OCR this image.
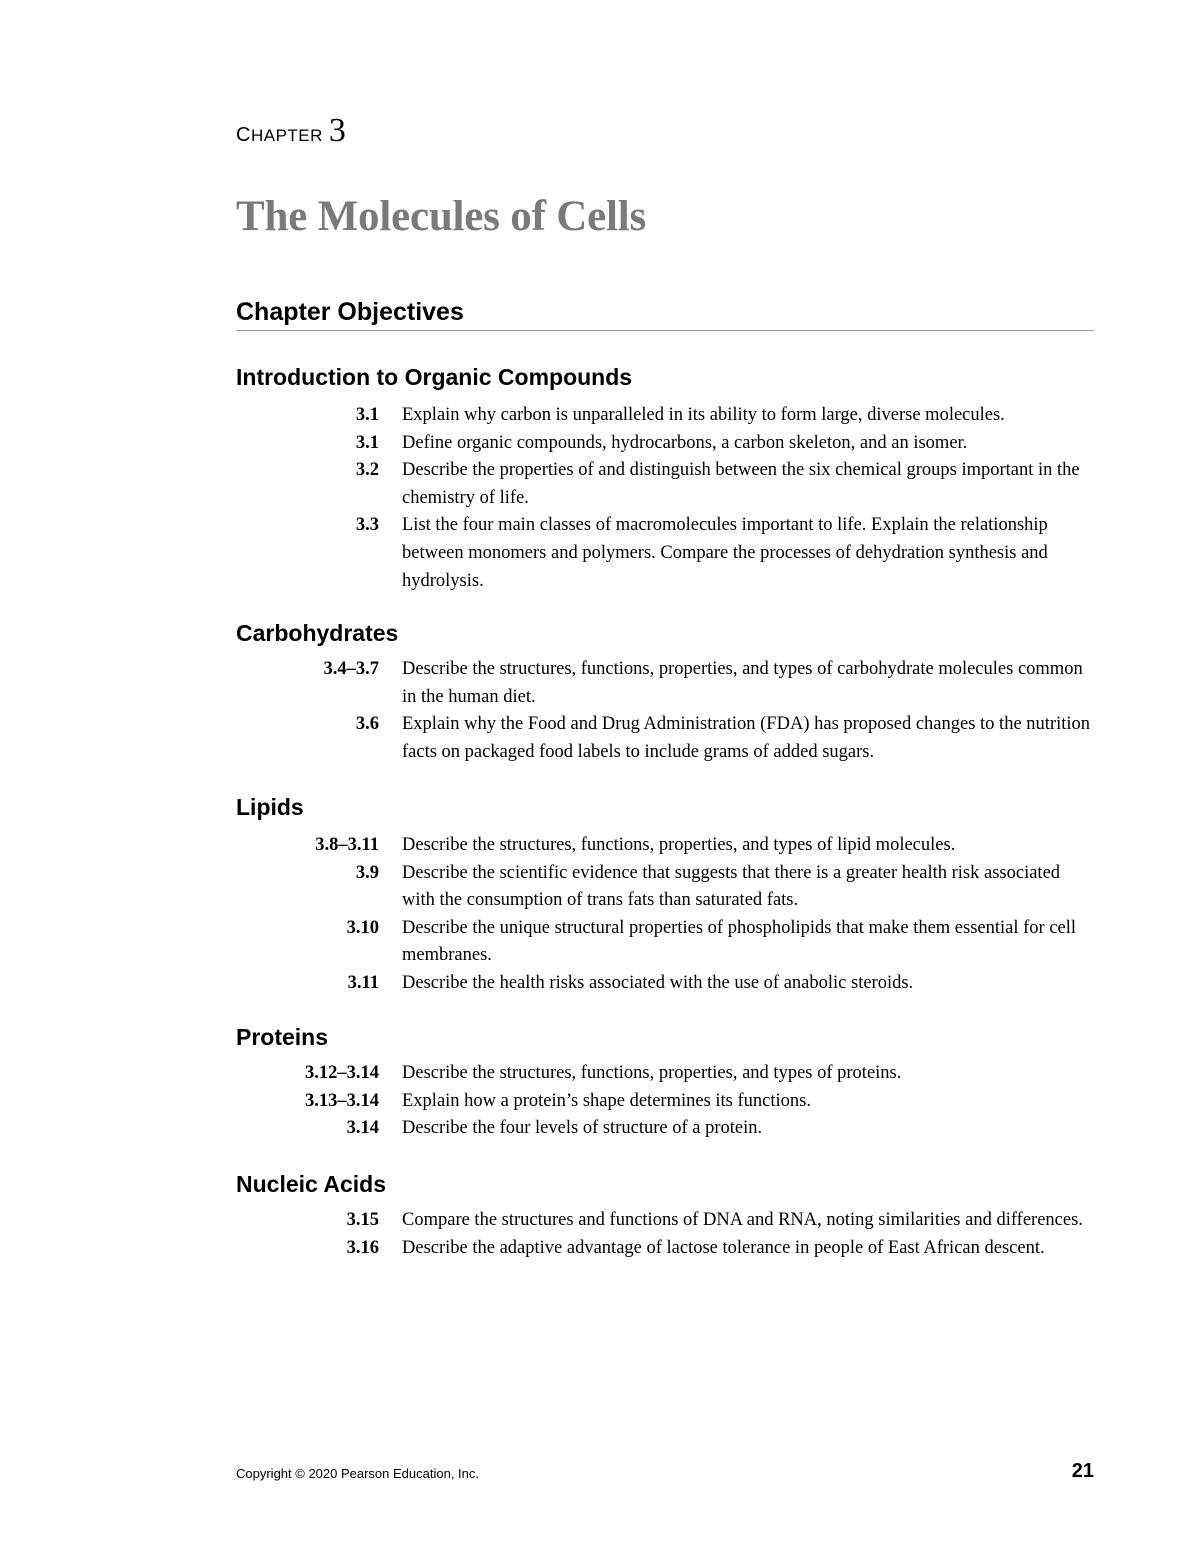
CHAPTER 3
The Molecules of Cells
Chapter Objectives
Introduction to Organic Compounds
3.1 Explain why carbon is unparalleled in its ability to form large, diverse molecules.
3.1 Define organic compounds, hydrocarbons, a carbon skeleton, and an isomer.
3.2 Describe the properties of and distinguish between the six chemical groups important in the chemistry of life.
3.3 List the four main classes of macromolecules important to life. Explain the relationship between monomers and polymers. Compare the processes of dehydration synthesis and hydrolysis.
Carbohydrates
3.4–3.7 Describe the structures, functions, properties, and types of carbohydrate molecules common in the human diet.
3.6 Explain why the Food and Drug Administration (FDA) has proposed changes to the nutrition facts on packaged food labels to include grams of added sugars.
Lipids
3.8–3.11 Describe the structures, functions, properties, and types of lipid molecules.
3.9 Describe the scientific evidence that suggests that there is a greater health risk associated with the consumption of trans fats than saturated fats.
3.10 Describe the unique structural properties of phospholipids that make them essential for cell membranes.
3.11 Describe the health risks associated with the use of anabolic steroids.
Proteins
3.12–3.14 Describe the structures, functions, properties, and types of proteins.
3.13–3.14 Explain how a protein’s shape determines its functions.
3.14 Describe the four levels of structure of a protein.
Nucleic Acids
3.15 Compare the structures and functions of DNA and RNA, noting similarities and differences.
3.16 Describe the adaptive advantage of lactose tolerance in people of East African descent.
Copyright © 2020 Pearson Education, Inc.	21
